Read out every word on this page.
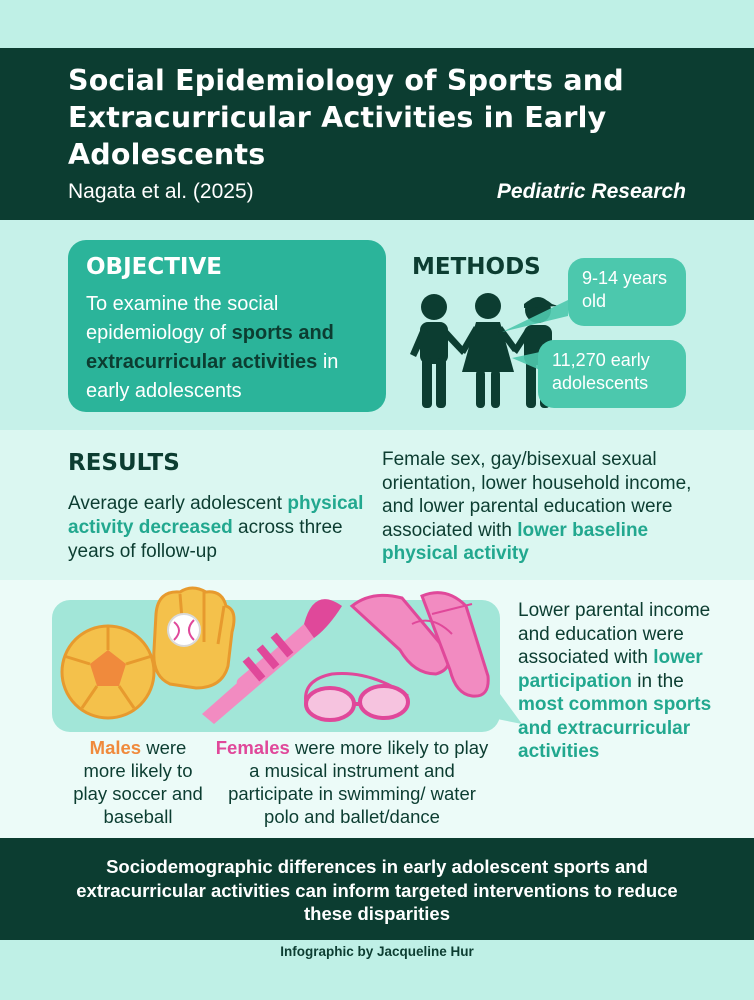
Social Epidemiology of Sports and Extracurricular Activities in Early Adolescents
Nagata et al. (2025)	Pediatric Research
OBJECTIVE
To examine the social epidemiology of sports and extracurricular activities in early adolescents
METHODS	9-14 years old
11,270 early adolescents
RESULTS
Average early adolescent physical activity decreased across three years of follow-up
Female sex, gay/bisexual sexual orientation, lower household income, and lower parental education were associated with lower baseline physical activity
Males were more likely to play soccer and baseball
Females were more likely to play a musical instrument and participate in swimming/ water polo and ballet/dance
Lower parental income and education were associated with lower participation in the most common sports and extracurricular activities
Sociodemographic differences in early adolescent sports and extracurricular activities can inform targeted interventions to reduce these disparities
Infographic by Jacqueline Hur
